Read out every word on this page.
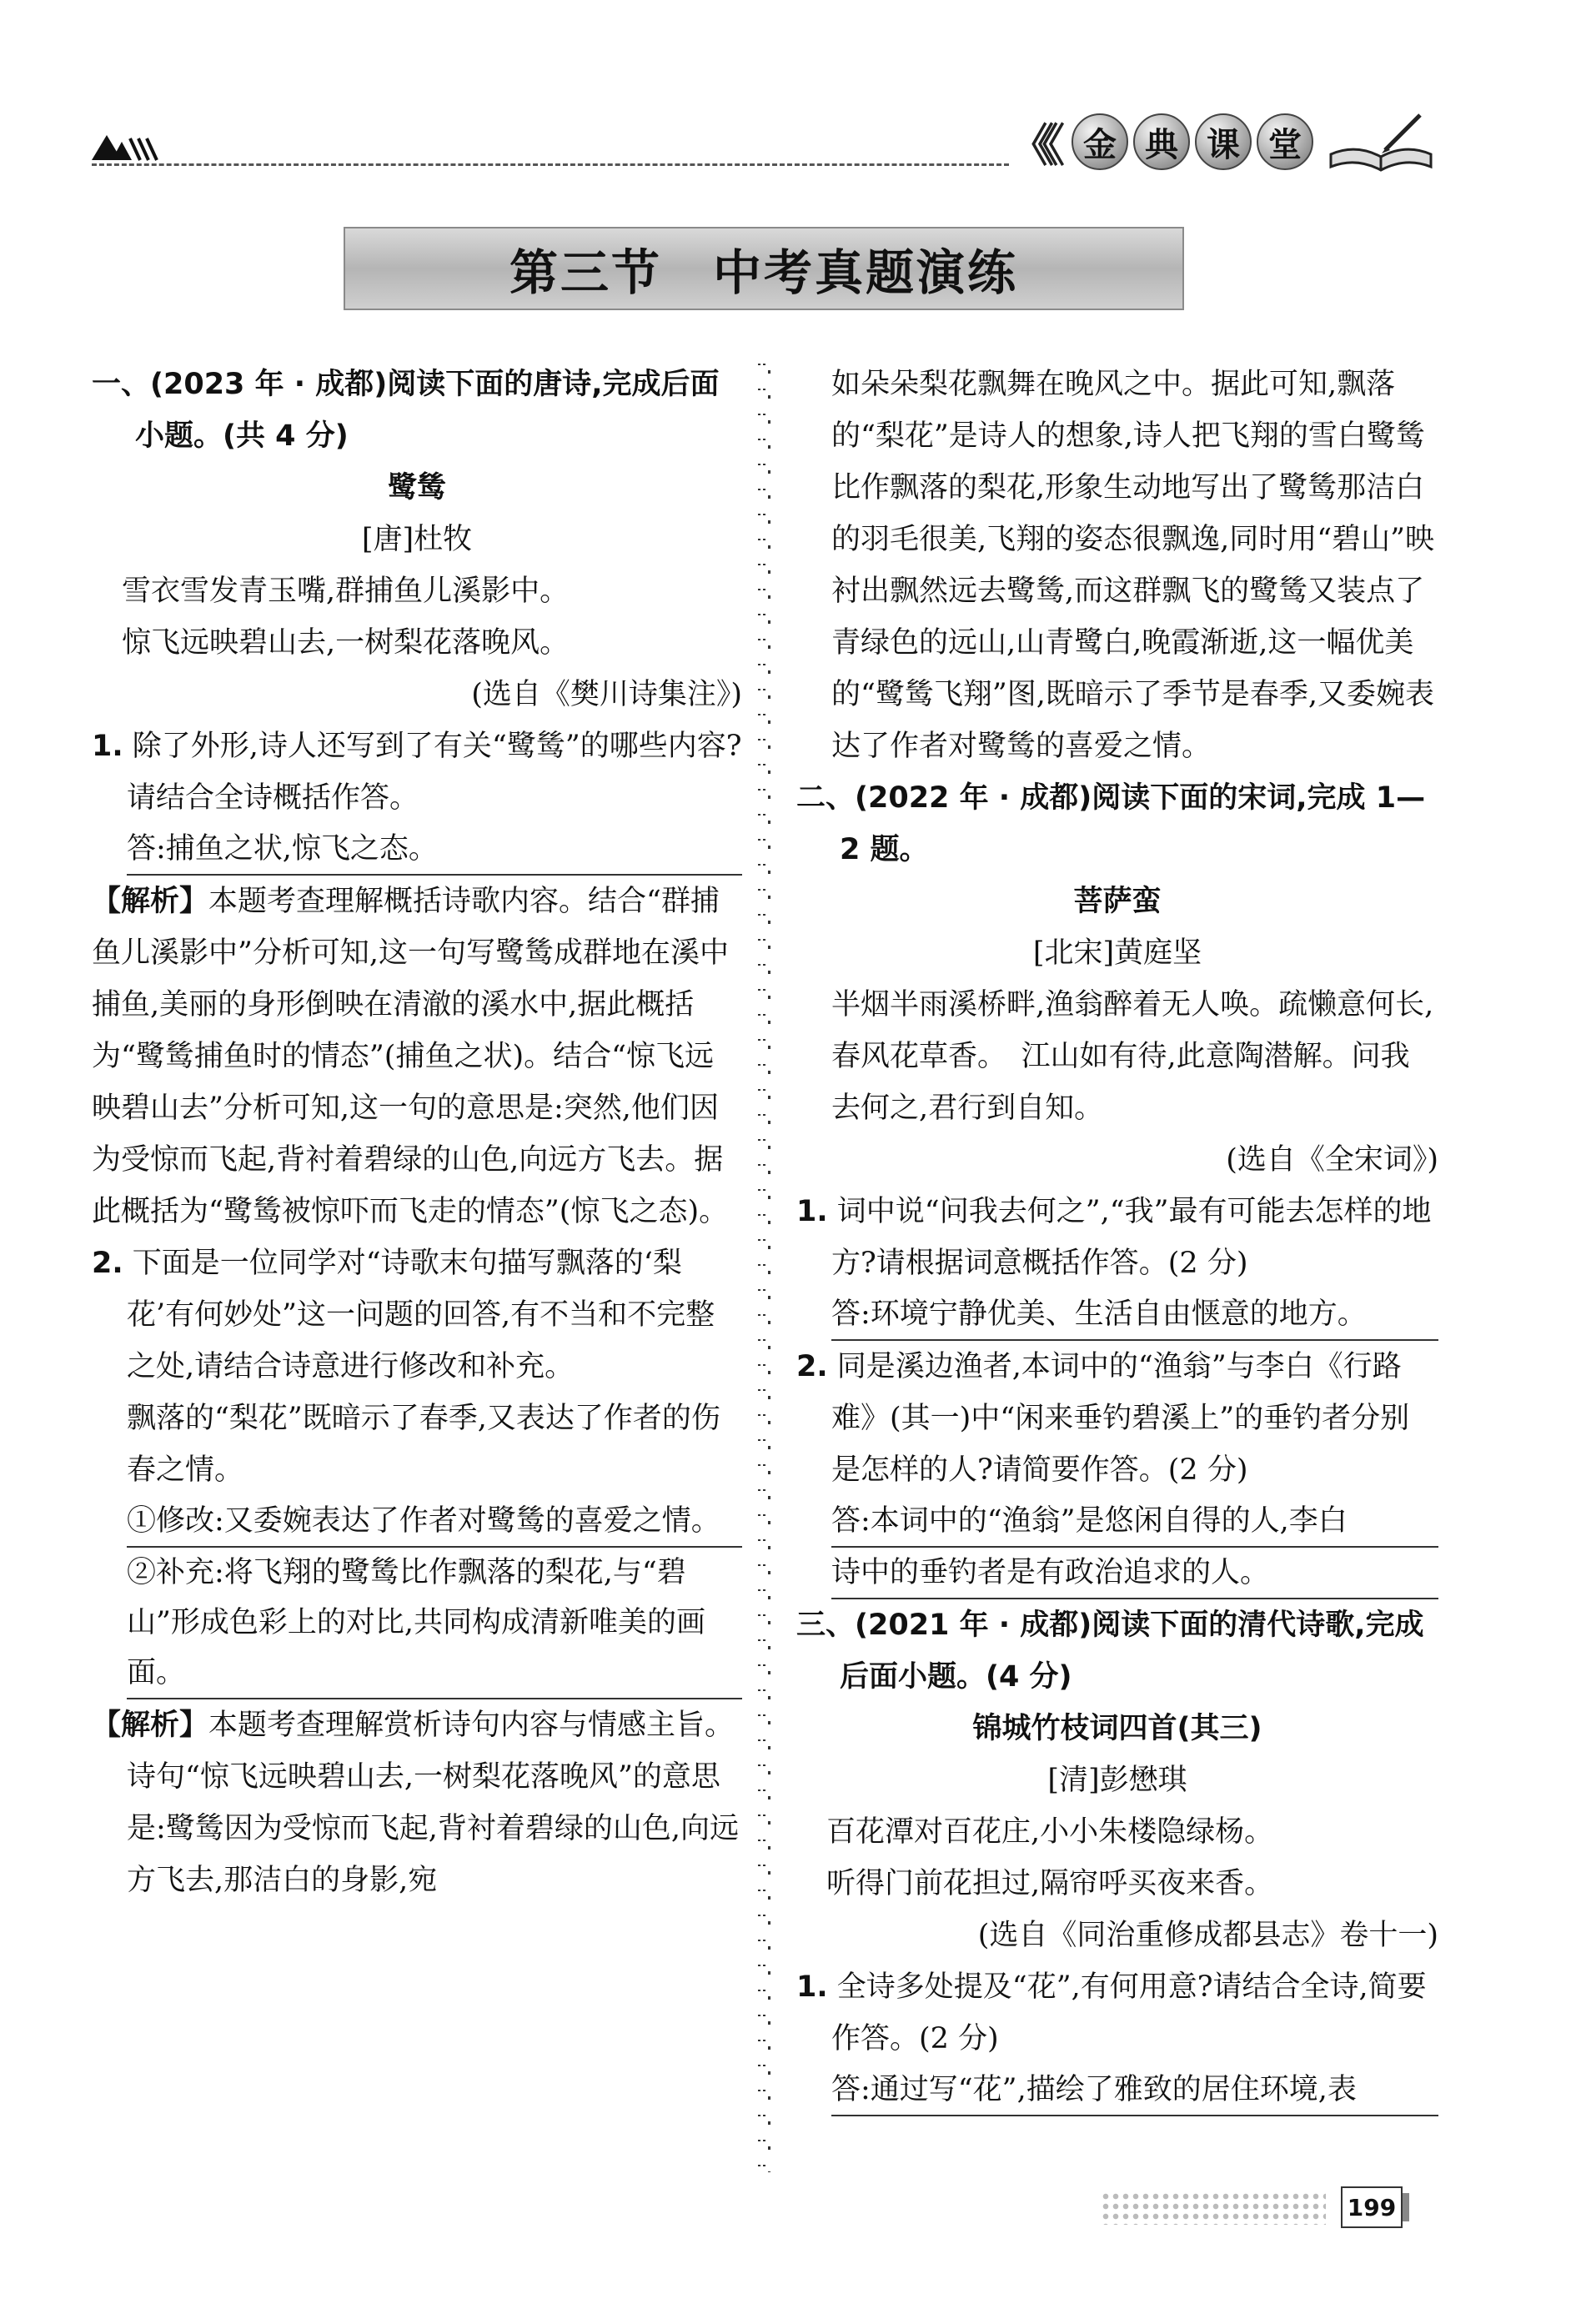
《《 金 典 课 堂
第三节　中考真题演练

一、(2023 年 · 成都)阅读下面的唐诗,完成后面小题。(共 4 分)

鹭鸶

[唐]杜牧

雪衣雪发青玉嘴,群捕鱼儿溪影中。

惊飞远映碧山去,一树梨花落晚风。

(选自《樊川诗集注》)

1. 除了外形,诗人还写到了有关“鹭鸶”的哪些内容?请结合全诗概括作答。

答:捕鱼之状,惊飞之态。

【解析】本题考查理解概括诗歌内容。结合“群捕鱼儿溪影中”分析可知,这一句写鹭鸶成群地在溪中捕鱼,美丽的身形倒映在清澈的溪水中,据此概括为“鹭鸶捕鱼时的情态”(捕鱼之状)。结合“惊飞远映碧山去”分析可知,这一句的意思是:突然,他们因为受惊而飞起,背衬着碧绿的山色,向远方飞去。据此概括为“鹭鸶被惊吓而飞走的情态”(惊飞之态)。

2. 下面是一位同学对“诗歌末句描写飘落的‘梨花’有何妙处”这一问题的回答,有不当和不完整之处,请结合诗意进行修改和补充。

飘落的“梨花”既暗示了春季,又表达了作者的伤春之情。

①修改:又委婉表达了作者对鹭鸶的喜爱之情。

②补充:将飞翔的鹭鸶比作飘落的梨花,与“碧山”形成色彩上的对比,共同构成清新唯美的画面。

【解析】本题考查理解赏析诗句内容与情感主旨。

诗句“惊飞远映碧山去,一树梨花落晚风”的意思是:鹭鸶因为受惊而飞起,背衬着碧绿的山色,向远方飞去,那洁白的身影,宛

如朵朵梨花飘舞在晚风之中。据此可知,飘落的“梨花”是诗人的想象,诗人把飞翔的雪白鹭鸶比作飘落的梨花,形象生动地写出了鹭鸶那洁白的羽毛很美,飞翔的姿态很飘逸,同时用“碧山”映衬出飘然远去鹭鸶,而这群飘飞的鹭鸶又装点了青绿色的远山,山青鹭白,晚霞渐逝,这一幅优美的“鹭鸶飞翔”图,既暗示了季节是春季,又委婉表达了作者对鹭鸶的喜爱之情。

二、(2022 年 · 成都)阅读下面的宋词,完成 1—2 题。

菩萨蛮

[北宋]黄庭坚

半烟半雨溪桥畔,渔翁醉着无人唤。疏懒意何长,春风花草香。　江山如有待,此意陶潜解。问我去何之,君行到自知。

(选自《全宋词》)

1. 词中说“问我去何之”,“我”最有可能去怎样的地方?请根据词意概括作答。(2 分)

答:环境宁静优美、生活自由惬意的地方。

2. 同是溪边渔者,本词中的“渔翁”与李白《行路难》(其一)中“闲来垂钓碧溪上”的垂钓者分别是怎样的人?请简要作答。(2 分)

答:本词中的“渔翁”是悠闲自得的人,李白
诗中的垂钓者是有政治追求的人。

三、(2021 年 · 成都)阅读下面的清代诗歌,完成后面小题。(4 分)

锦城竹枝词四首(其三)

[清]彭懋琪

百花潭对百花庄,小小朱楼隐绿杨。

听得门前花担过,隔帘呼买夜来香。

(选自《同治重修成都县志》卷十一)

1. 全诗多处提及“花”,有何用意?请结合全诗,简要作答。(2 分)

答:通过写“花”,描绘了雅致的居住环境,表

199
